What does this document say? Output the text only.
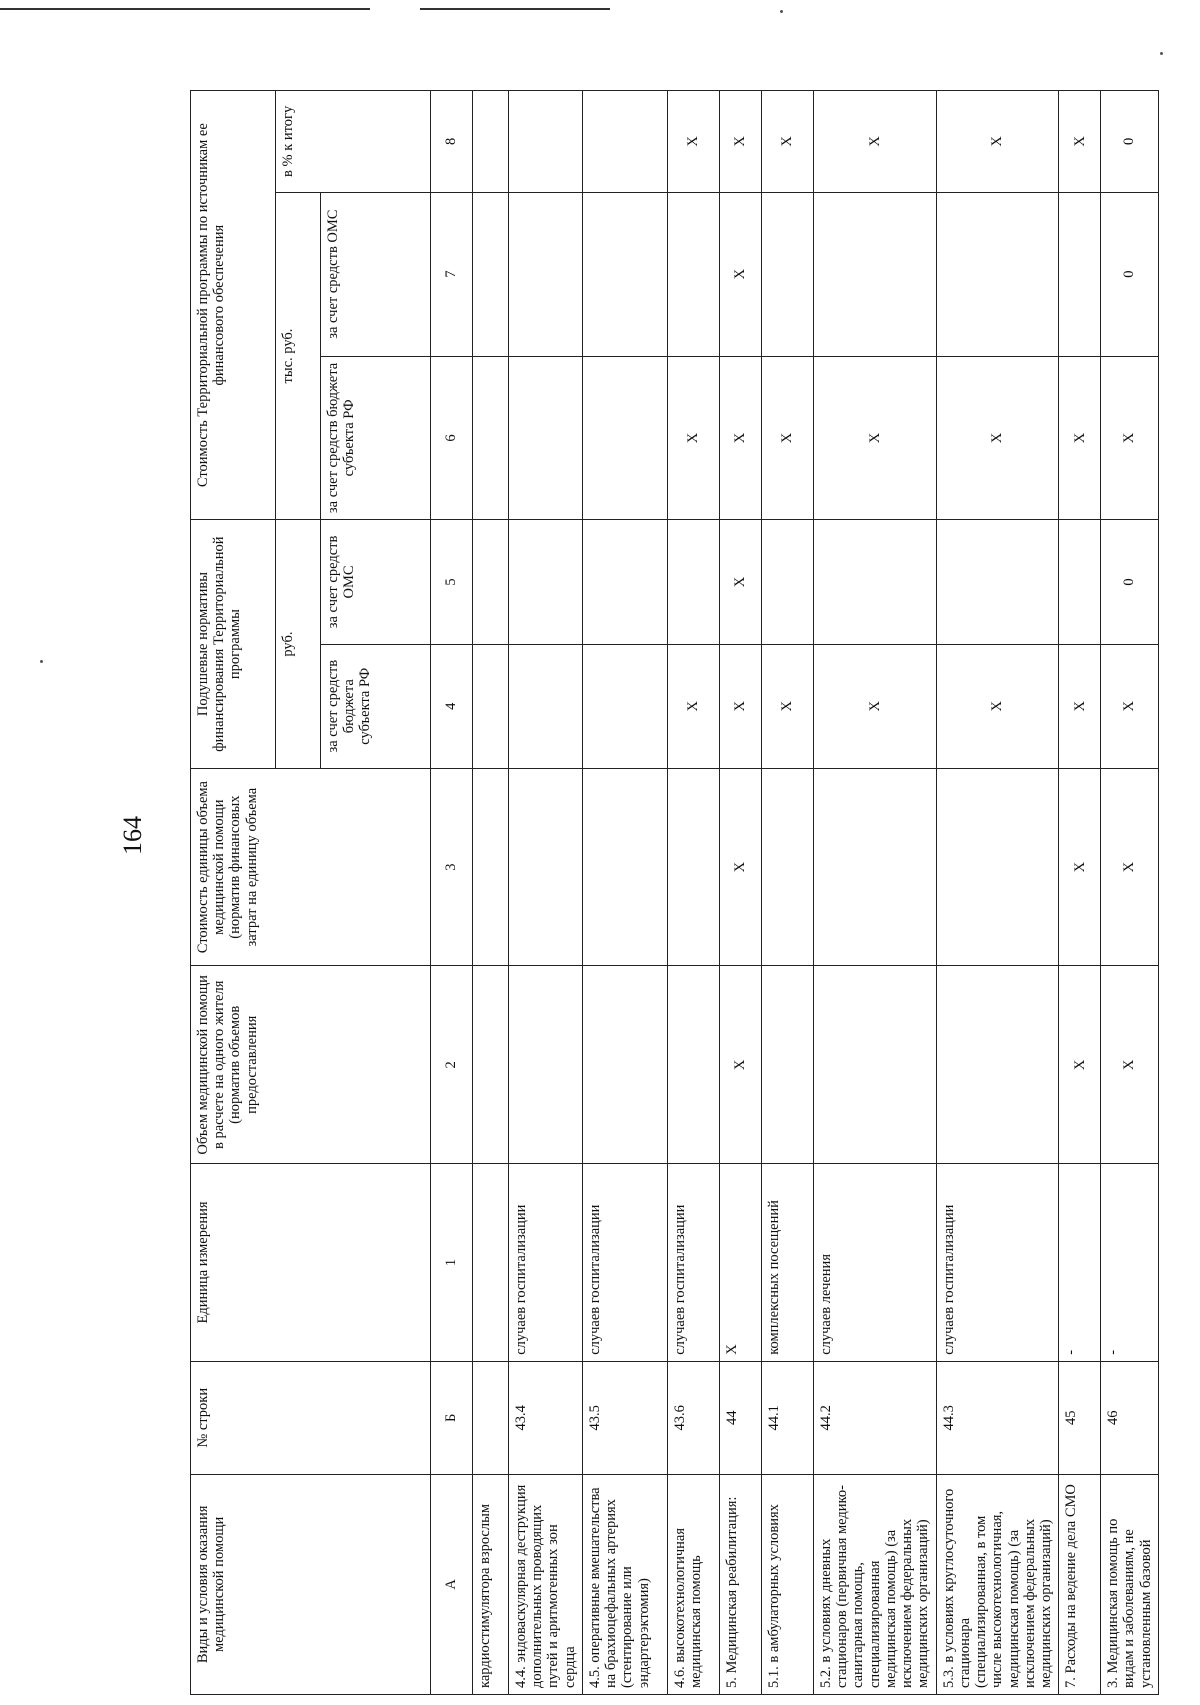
164
Виды и условия оказания медицинской помощи	№ строки	Единица измерения	Объем медицинской помощи в расчете на одного жителя (норматив объемов предоставления	Стоимость единицы объема медицинской помощи (норматив финансовых затрат на единицу объема	Подушевые нормативы финансирования Территориальной программы		Стоимость Территориальной программы по источникам ее финансового обеспечения		
					руб.		тыс. руб.		в % к итогу
					за счет средств бюджета субъекта РФ	за счет средств ОМС	за счет средств бюджета субъекта РФ	за счет средств ОМС	
А	Б	1	2	3	4	5	6	7	8
кардиостимулятора взрослым									
4.4. эндоваскулярная деструкция дополнительных проводящих путей и аритмогенных зон сердца	43.4	случаев госпитализации							
4.5. оперативные вмешательства на брахиоцефальных артериях (стентирование или эндартерэктомия)	43.5	случаев госпитализации							
4.6. высокотехнологичная медицинская помощь	43.6	случаев госпитализации			X		X		X
5. Медицинская реабилитация:	44	X	X	X	X	X	X	X	X
5.1. в амбулаторных условиях	44.1	комплексных посещений			X		X		X
5.2. в условиях дневных стационаров (первичная медико-санитарная помощь, специализированная медицинская помощь) (за исключением федеральных медицинских организаций)	44.2	случаев лечения			X		X		X
5.3. в условиях круглосуточного стационара (специализированная, в том числе высокотехнологичная, медицинская помощь) (за исключением федеральных медицинских организаций)	44.3	случаев госпитализации			X		X		X
7. Расходы на ведение дела СМО	45	-	X	X	X		X		X
3. Медицинская помощь по видам и заболеваниям, не установленным базовой	46	-	X	X	X	0	X	0	0
